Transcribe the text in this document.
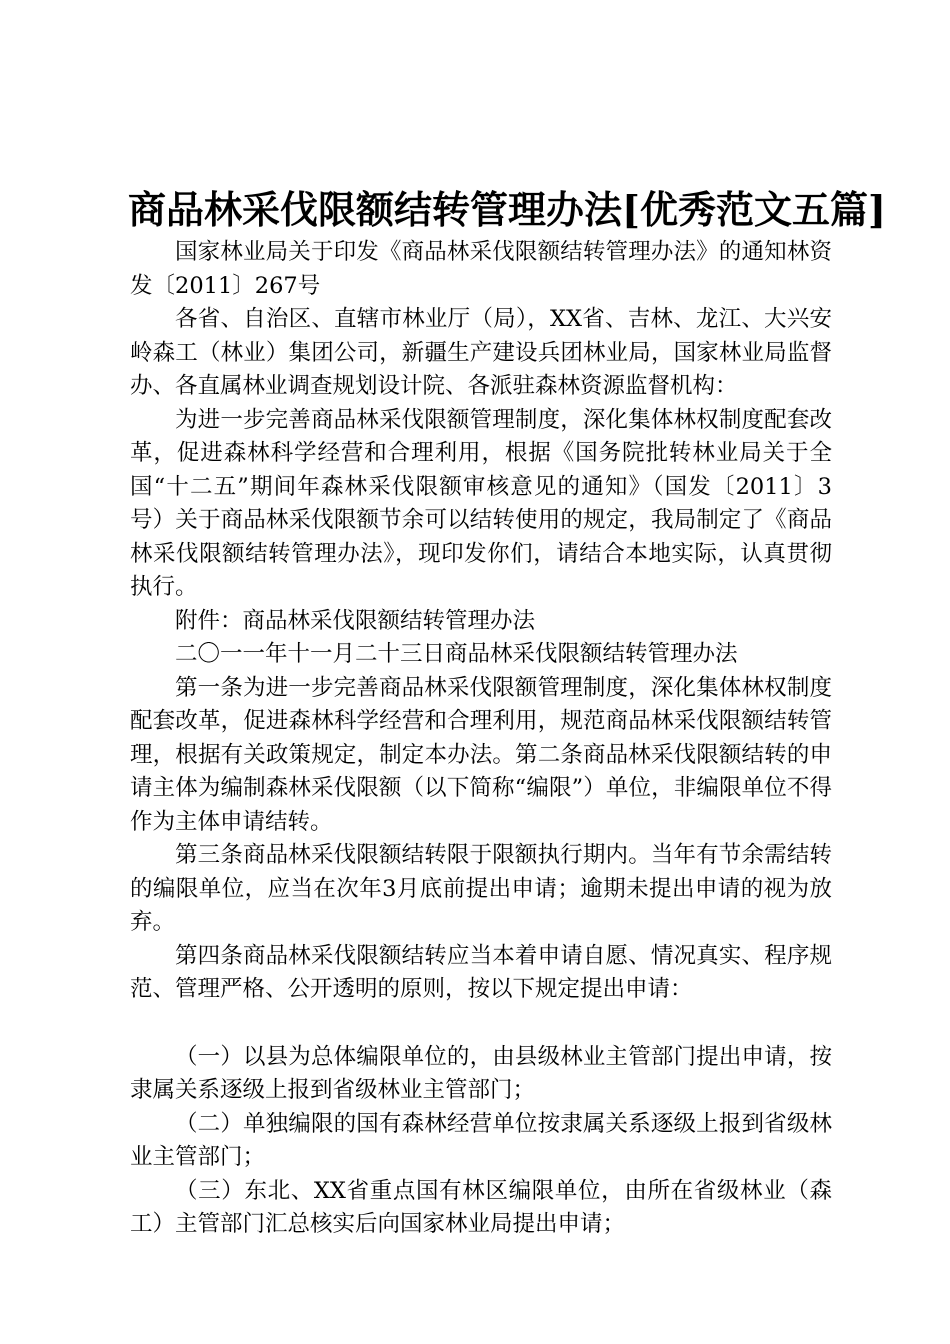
商品林采伐限额结转管理办法[优秀范文五篇]

国家林业局关于印发《商品林采伐限额结转管理办法》的通知林资发〔2011〕267号

各省、自治区、直辖市林业厅（局），XX省、吉林、龙江、大兴安岭森工（林业）集团公司，新疆生产建设兵团林业局，国家林业局监督办、各直属林业调查规划设计院、各派驻森林资源监督机构：

为进一步完善商品林采伐限额管理制度，深化集体林权制度配套改革，促进森林科学经营和合理利用，根据《国务院批转林业局关于全国“十二五”期间年森林采伐限额审核意见的通知》（国发〔2011〕3号）关于商品林采伐限额节余可以结转使用的规定，我局制定了《商品林采伐限额结转管理办法》，现印发你们，请结合本地实际，认真贯彻执行。

附件：商品林采伐限额结转管理办法

二〇一一年十一月二十三日商品林采伐限额结转管理办法

第一条为进一步完善商品林采伐限额管理制度，深化集体林权制度配套改革，促进森林科学经营和合理利用，规范商品林采伐限额结转管理，根据有关政策规定，制定本办法。第二条商品林采伐限额结转的申请主体为编制森林采伐限额（以下简称“编限”）单位，非编限单位不得作为主体申请结转。

第三条商品林采伐限额结转限于限额执行期内。当年有节余需结转的编限单位，应当在次年3月底前提出申请；逾期未提出申请的视为放弃。

第四条商品林采伐限额结转应当本着申请自愿、情况真实、程序规范、管理严格、公开透明的原则，按以下规定提出申请：

（一）以县为总体编限单位的，由县级林业主管部门提出申请，按隶属关系逐级上报到省级林业主管部门；

（二）单独编限的国有森林经营单位按隶属关系逐级上报到省级林业主管部门；

（三）东北、XX省重点国有林区编限单位，由所在省级林业（森工）主管部门汇总核实后向国家林业局提出申请；
